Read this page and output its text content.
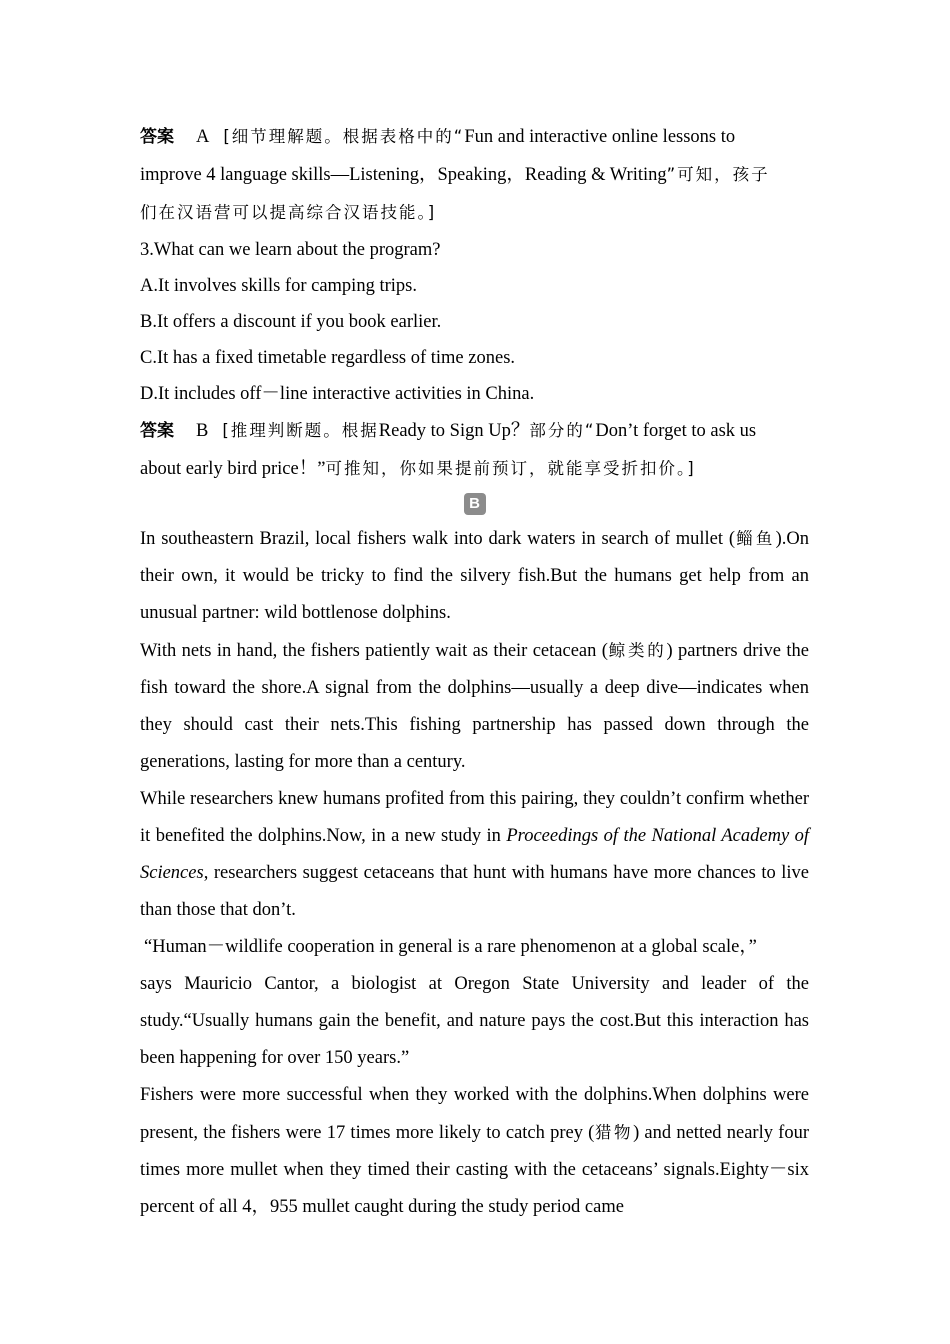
答案 A [细节理解题。根据表格中的“Fun and interactive online lessons to
improve 4 language skills—Listening，Speaking，Reading & Writing”可知，孩子
们在汉语营可以提高综合汉语技能。]

3.What can we learn about the program?

A.It involves skills for camping trips.

B.It offers a discount if you book earlier.

C.It has a fixed timetable regardless of time zones.

D.It includes off－line interactive activities in China.

答案 B [推理判断题。根据Ready to Sign Up？部分的“Don’t forget to ask us
about early bird price！”可推知，你如果提前预订，就能享受折扣价。]
B

In southeastern Brazil, local fishers walk into dark waters in search of mullet (鲻鱼).On their own, it would be tricky to find the silvery fish.But the humans get help from an unusual partner: wild bottlenose dolphins.

With nets in hand, the fishers patiently wait as their cetacean (鲸类的) partners drive the fish toward the shore.A signal from the dolphins—usually a deep dive—indicates when they should cast their nets.This fishing partnership has passed down through the generations, lasting for more than a century.

While researchers knew humans profited from this pairing, they couldn’t confirm whether it benefited the dolphins.Now, in a new study in Proceedings of the National Academy of Sciences, researchers suggest cetaceans that hunt with humans have more chances to live than those that don’t.

“Human－wildlife cooperation in general is a rare phenomenon at a global scale，”
says Mauricio Cantor, a biologist at Oregon State University and leader of the study.“Usually humans gain the benefit, and nature pays the cost.But this interaction has been happening for over 150 years.”

Fishers were more successful when they worked with the dolphins.When dolphins were present, the fishers were 17 times more likely to catch prey (猎物) and netted nearly four times more mullet when they timed their casting with the cetaceans’ signals.Eighty－six percent of all 4，955 mullet caught during the study period came
